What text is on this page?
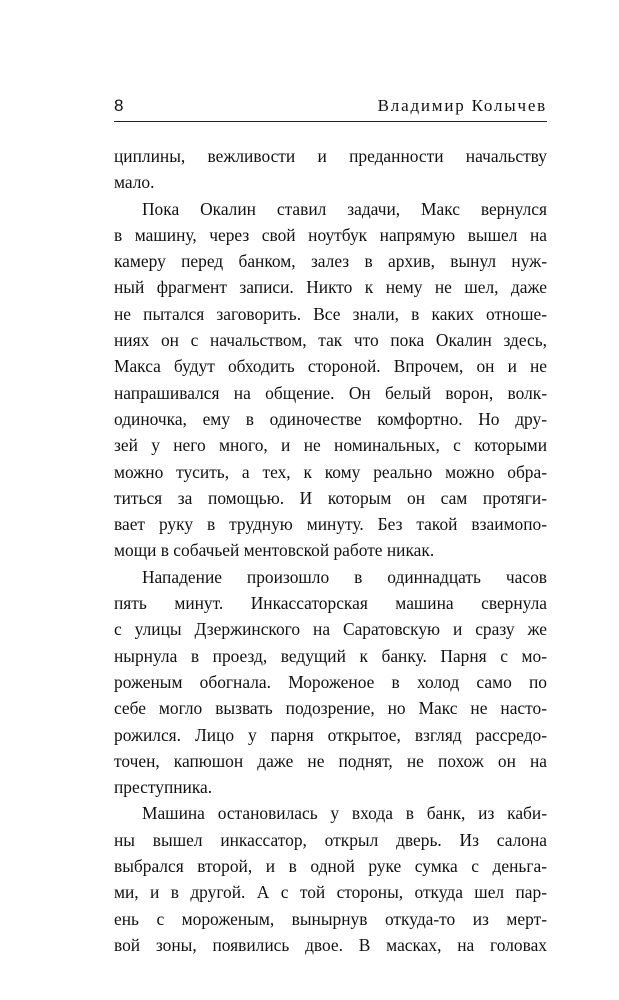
8	Владимир Колычев
циплины, вежливости и преданности начальству
мало.
Пока Окалин ставил задачи, Макс вернулся
в машину, через свой ноутбук напрямую вышел на
камеру перед банком, залез в архив, вынул нуж-
ный фрагмент записи. Никто к нему не шел, даже
не пытался заговорить. Все знали, в каких отноше-
ниях он с начальством, так что пока Окалин здесь,
Макса будут обходить стороной. Впрочем, он и не
напрашивался на общение. Он белый ворон, волк-
одиночка, ему в одиночестве комфортно. Но дру-
зей у него много, и не номинальных, с которыми
можно тусить, а тех, к кому реально можно обра-
титься за помощью. И которым он сам протяги-
вает руку в трудную минуту. Без такой взаимопо-
мощи в собачьей ментовской работе никак.
Нападение произошло в одиннадцать часов
пять минут. Инкассаторская машина свернула
с улицы Дзержинского на Саратовскую и сразу же
нырнула в проезд, ведущий к банку. Парня с мо-
роженым обогнала. Мороженое в холод само по
себе могло вызвать подозрение, но Макс не насто-
рожился. Лицо у парня открытое, взгляд рассредо-
точен, капюшон даже не поднят, не похож он на
преступника.
Машина остановилась у входа в банк, из каби-
ны вышел инкассатор, открыл дверь. Из салона
выбрался второй, и в одной руке сумка с деньга-
ми, и в другой. А с той стороны, откуда шел пар-
ень с мороженым, вынырнув откуда-то из мерт-
вой зоны, появились двое. В масках, на головах
